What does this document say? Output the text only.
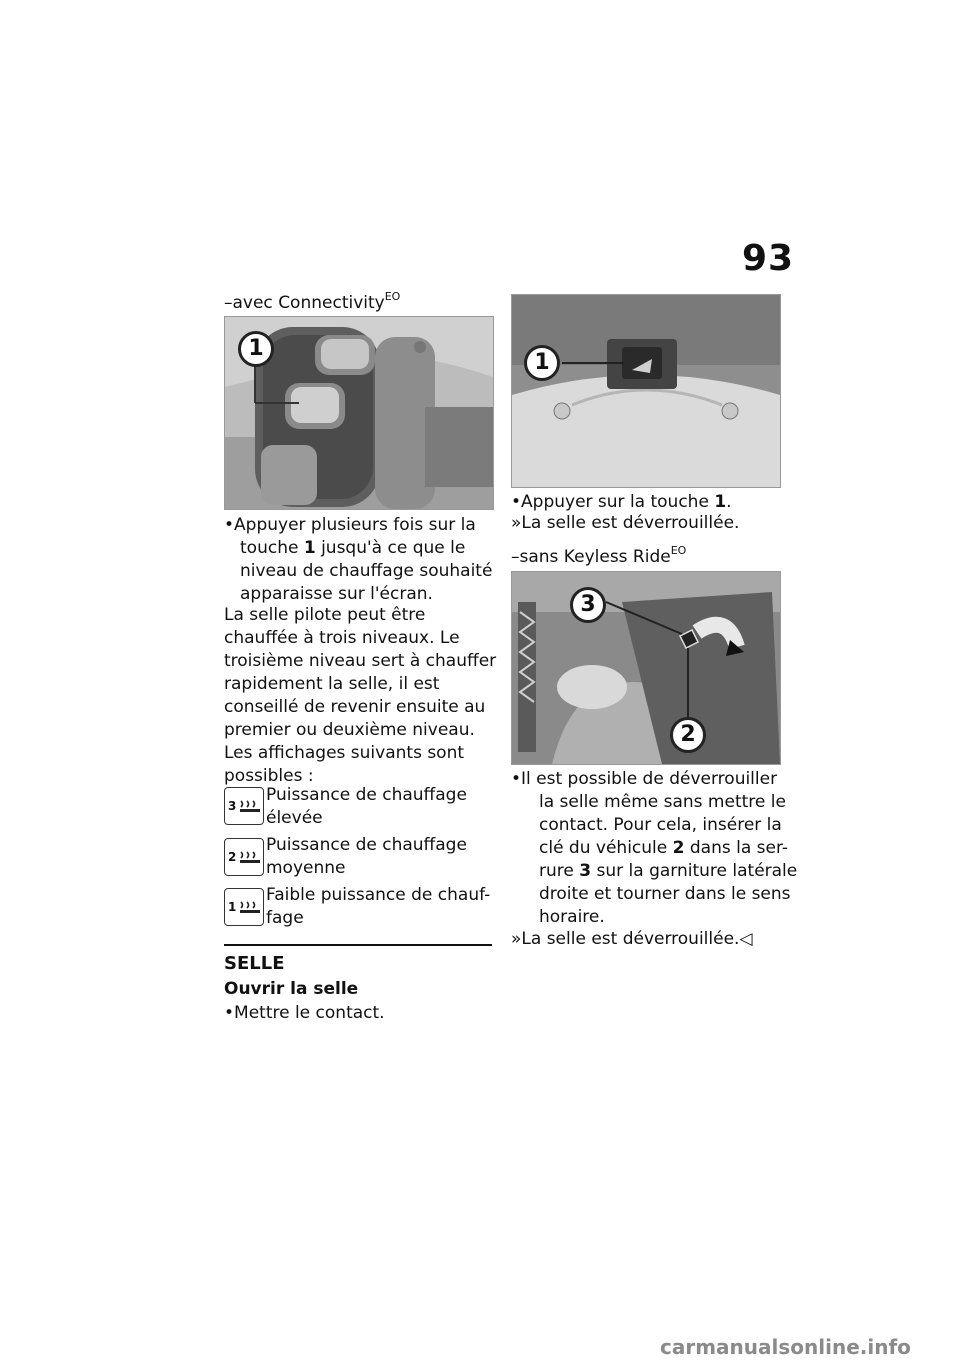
93
–avec Connectivity$^{EO}$
1
•Appuyer plusieurs fois sur la
touche 1 jusqu'à ce que le
niveau de chauffage souhaité
apparaisse sur l'écran.
La selle pilote peut être
chauffée à trois niveaux. Le
troisième niveau sert à chauffer
rapidement la selle, il est
conseillé de revenir ensuite au
premier ou deuxième niveau.
Les affichages suivants sont
possibles :
3
Puissance de chauffage
élevée
2
Puissance de chauffage
moyenne
1
Faible puissance de chauf-
fage
SELLE
Ouvrir la selle
•Mettre le contact.
1
•Appuyer sur la touche 1.
»La selle est déverrouillée.
–sans Keyless Ride$^{EO}$
3
2
•Il est possible de déverrouiller
la selle même sans mettre le
contact. Pour cela, insérer la
clé du véhicule 2 dans la ser-
rure 3 sur la garniture latérale
droite et tourner dans le sens
horaire.
»La selle est déverrouillée.◁
carmanualsonline.info
